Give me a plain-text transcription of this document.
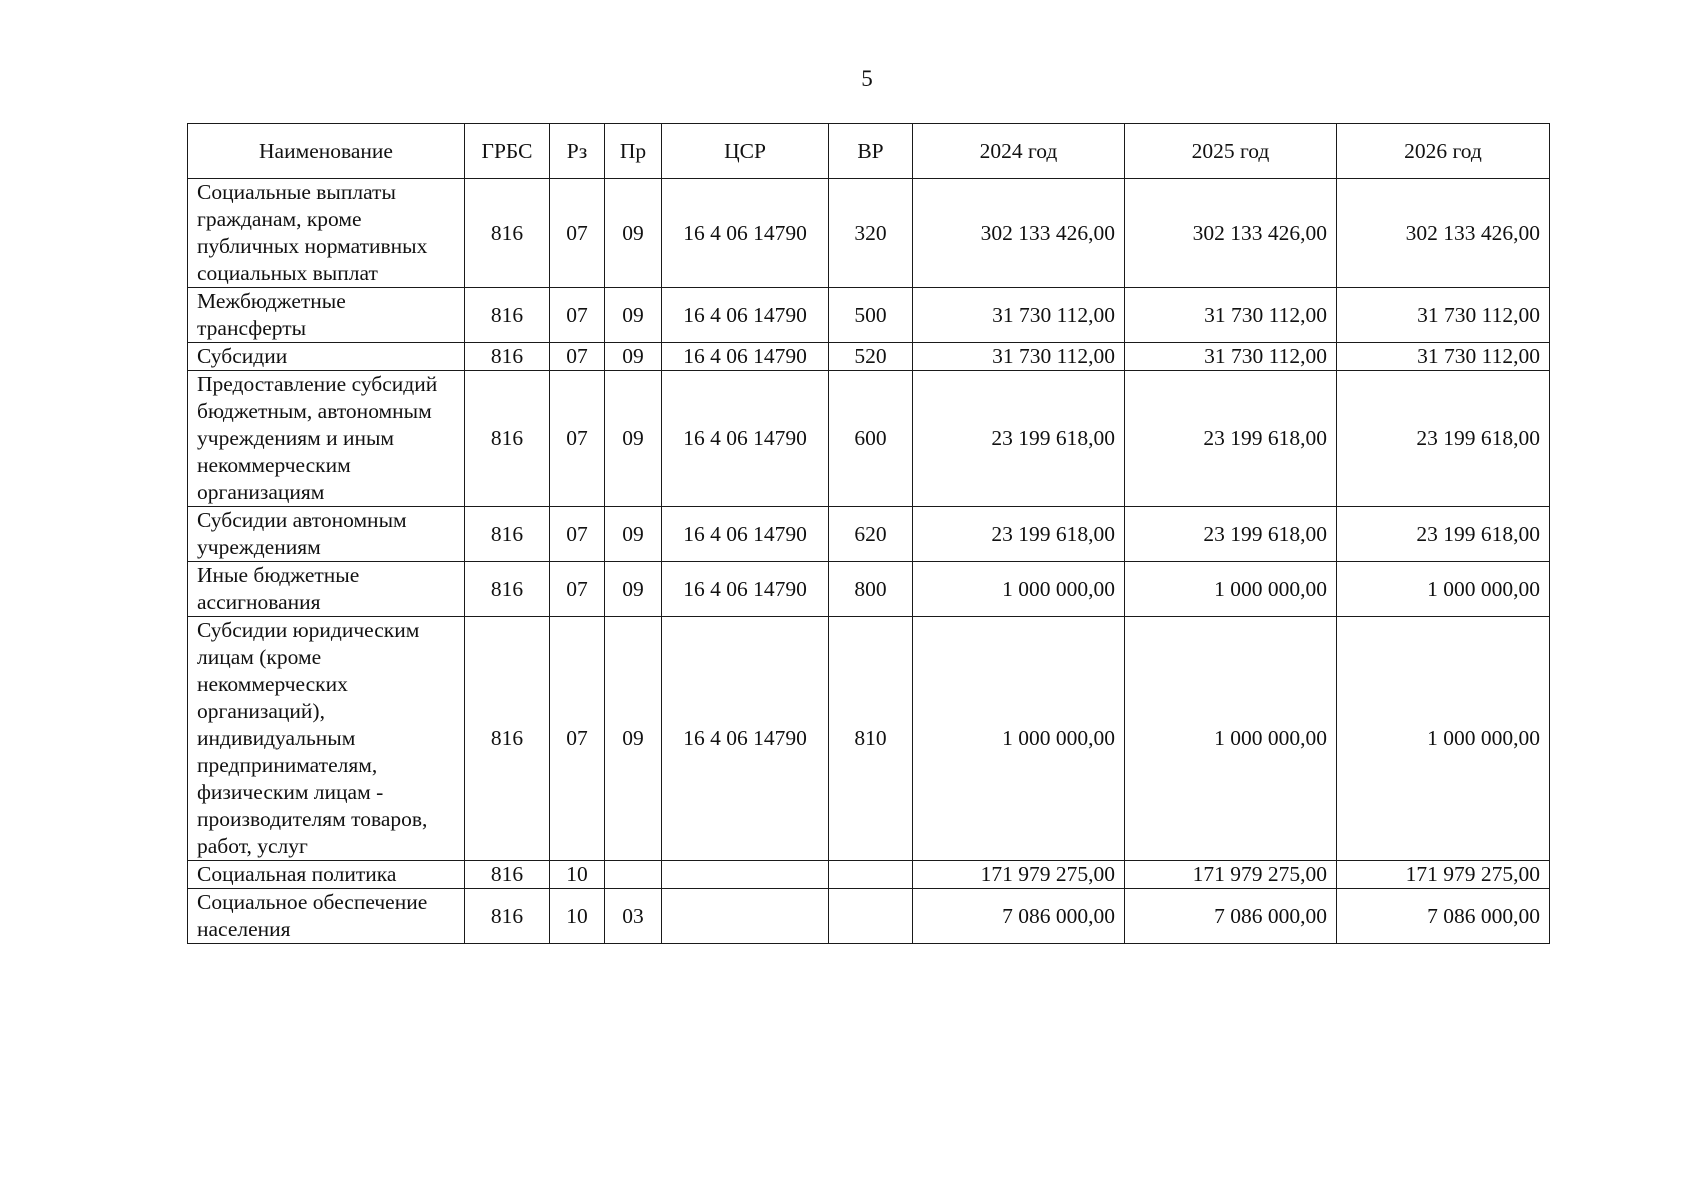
5
Наименование	ГРБС	Рз	Пр	ЦСР	ВР	2024 год	2025 год	2026 год
Социальные выплаты гражданам, кроме публичных нормативных социальных выплат	816	07	09	16 4 06 14790	320	302 133 426,00	302 133 426,00	302 133 426,00
Межбюджетные трансферты	816	07	09	16 4 06 14790	500	31 730 112,00	31 730 112,00	31 730 112,00
Субсидии	816	07	09	16 4 06 14790	520	31 730 112,00	31 730 112,00	31 730 112,00
Предоставление субсидий бюджетным, автономным учреждениям и иным некоммерческим организациям	816	07	09	16 4 06 14790	600	23 199 618,00	23 199 618,00	23 199 618,00
Субсидии автономным учреждениям	816	07	09	16 4 06 14790	620	23 199 618,00	23 199 618,00	23 199 618,00
Иные бюджетные ассигнования	816	07	09	16 4 06 14790	800	1 000 000,00	1 000 000,00	1 000 000,00
Субсидии юридическим лицам (кроме некоммерческих организаций), индивидуальным предпринимателям, физическим лицам - производителям товаров, работ, услуг	816	07	09	16 4 06 14790	810	1 000 000,00	1 000 000,00	1 000 000,00
Социальная политика	816	10				171 979 275,00	171 979 275,00	171 979 275,00
Социальное обеспечение населения	816	10	03			7 086 000,00	7 086 000,00	7 086 000,00
